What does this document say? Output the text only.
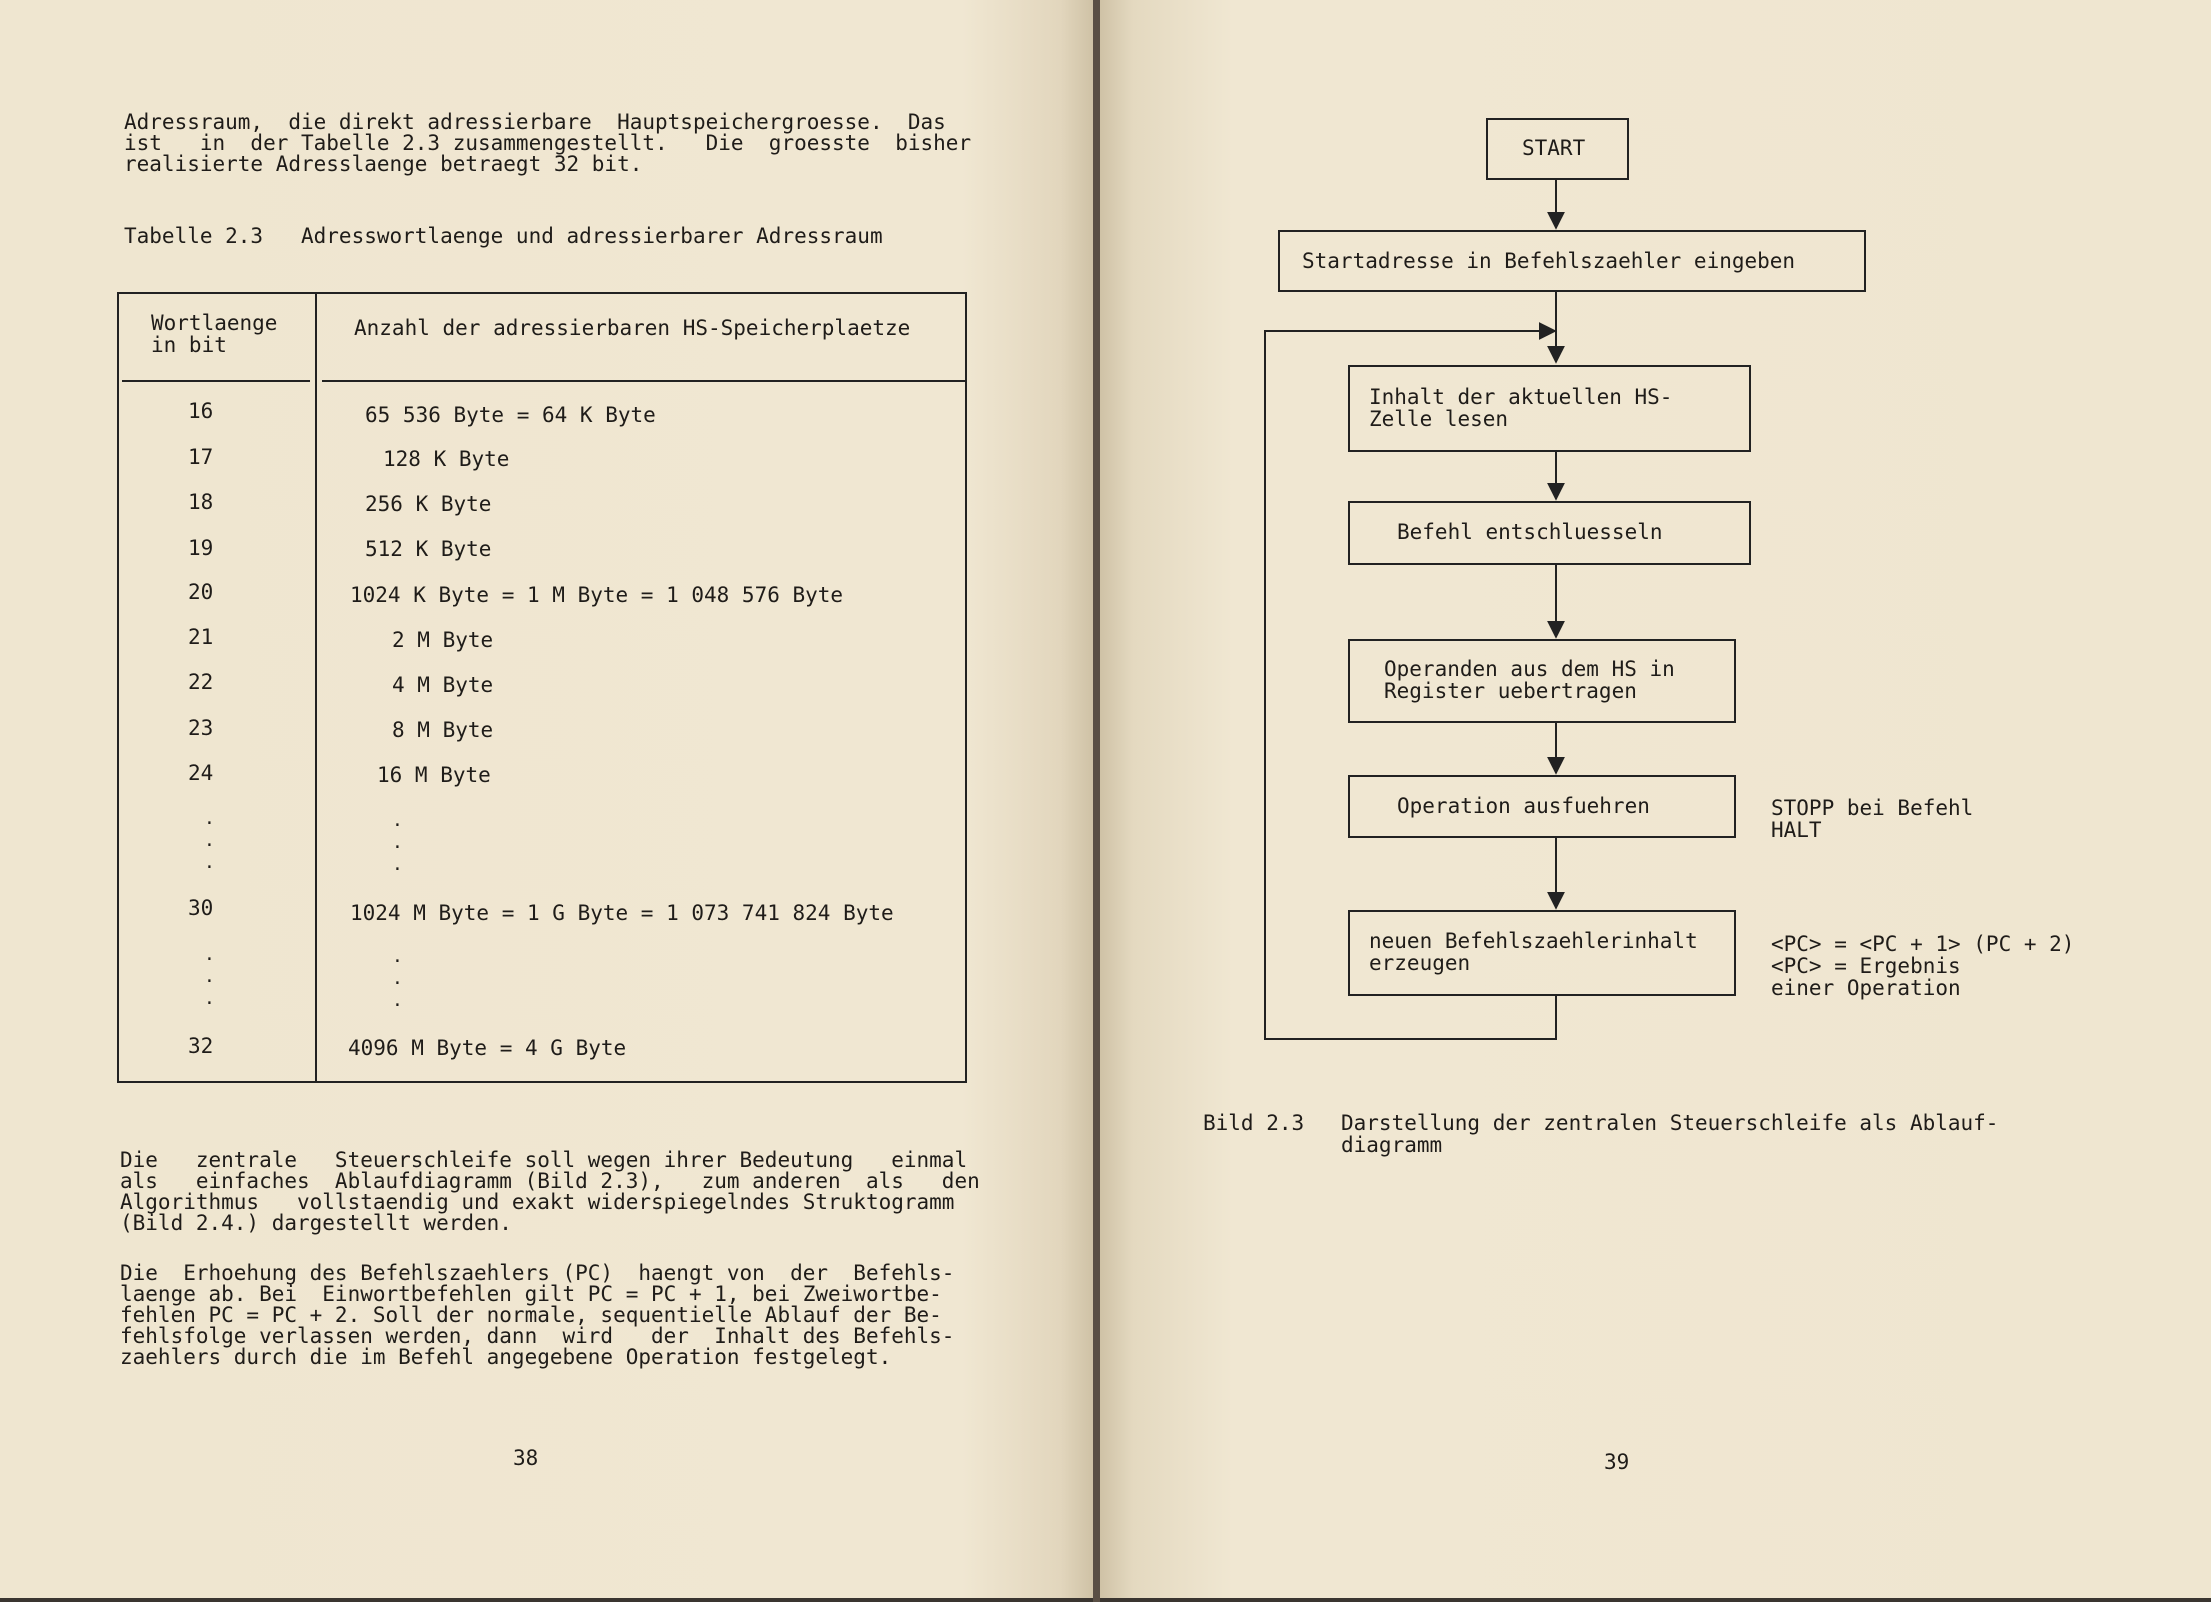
Adressraum,  die direkt adressierbare  Hauptspeichergroesse.  Das
ist   in  der Tabelle 2.3 zusammengestellt.   Die  groesste  bisher
realisierte Adresslaenge betraegt 32 bit.
Tabelle 2.3   Adresswortlaenge und adressierbarer Adressraum
Wortlaenge
in bit
Anzahl der adressierbaren HS-Speicherplaetze
16	65 536 Byte = 64 K Byte
17	128 K Byte
18	256 K Byte
19	512 K Byte
20	1024 K Byte = 1 M Byte = 1 048 576 Byte
21	2 M Byte
22	4 M Byte
23	8 M Byte
24	16 M Byte
·
·
·
·
·
·
30	1024 M Byte = 1 G Byte = 1 073 741 824 Byte
·
·
·
·
·
·
32	4096 M Byte = 4 G Byte
Die   zentrale   Steuerschleife soll wegen ihrer Bedeutung   einmal
als   einfaches  Ablaufdiagramm (Bild 2.3),   zum anderen  als   den
Algorithmus   vollstaendig und exakt widerspiegelndes Struktogramm
(Bild 2.4.) dargestellt werden.
Die  Erhoehung des Befehlszaehlers (PC)  haengt von  der  Befehls-
laenge ab. Bei  Einwortbefehlen gilt PC = PC + 1, bei Zweiwortbe-
fehlen PC = PC + 2. Soll der normale, sequentielle Ablauf der Be-
fehlsfolge verlassen werden, dann  wird   der  Inhalt des Befehls-
zaehlers durch die im Befehl angegebene Operation festgelegt.
38
START
Startadresse in Befehlszaehler eingeben
Inhalt der aktuellen HS-
Zelle lesen
Befehl entschluesseln
Operanden aus dem HS in
Register uebertragen
Operation ausfuehren	STOPP bei Befehl
HALT
neuen Befehlszaehlerinhalt
erzeugen
<PC> = <PC + 1> (PC + 2)
<PC> = Ergebnis
einer Operation
Bild 2.3 Darstellung der zentralen Steuerschleife als Ablauf-
diagramm
39
